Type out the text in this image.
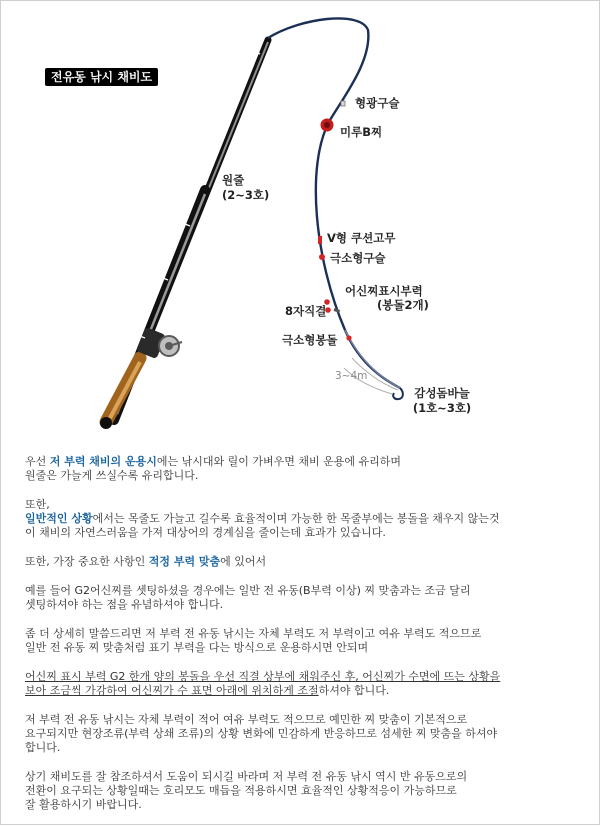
전유동 낚시 채비도
형광구슬
미루B찌
원줄
(2~3호)
V형 쿠션고무
극소형구슬
어신찌표시부력
(봉돌2개)
8자직결
극소형봉돌
3~4m
감성돔바늘
(1호~3호)

우선 저 부력 채비의 운용시에는 낚시대와 릴이 가벼우면 채비 운용에 유리하며
원줄은 가늘게 쓰실수록 유리합니다.

또한,
일반적인 상황에서는 목줄도 가늘고 길수록 효율적이며 가능한 한 목줄부에는 봉돌을 채우지 않는것
이 채비의 자연스러움을 가져 대상어의 경계심을 줄이는데 효과가 있습니다.

또한, 가장 중요한 사항인 적정 부력 맞춤에 있어서

예를 들어 G2어신찌를 셋팅하셨을 경우에는 일반 전 유동(B부력 이상) 찌 맞춤과는 조금 달리
셋팅하셔야 하는 점을 유념하셔야 합니다.

좀 더 상세히 말씀드리면 저 부력 전 유동 낚시는 자체 부력도 저 부력이고 여유 부력도 적으므로
일반 전 유동 찌 맞춤처럼 표기 부력을 다는 방식으로 운용하시면 안되며

어신찌 표시 부력 G2 한개 양의 봉돌을 우선 직결 상부에 채워주신 후, 어신찌가 수면에 뜨는 상황을
보아 조금씩 가감하여 어신찌가 수 표면 아래에 위치하게 조절하셔야 합니다.

저 부력 전 유동 낚시는 자체 부력이 적어 여유 부력도 적으므로 예민한 찌 맞춤이 기본적으로
요구되지만 현장조류(부력 상쇄 조류)의 상황 변화에 민감하게 반응하므로 섬세한 찌 맞춤을 하셔야
합니다.

상기 채비도를 잘 참조하셔서 도움이 되시길 바라며 저 부력 전 유동 낚시 역시 반 유동으로의
전환이 요구되는 상황일때는 호리모도 매듭을 적용하시면 효율적인 상황적응이 가능하므로
잘 활용하시기 바랍니다.
